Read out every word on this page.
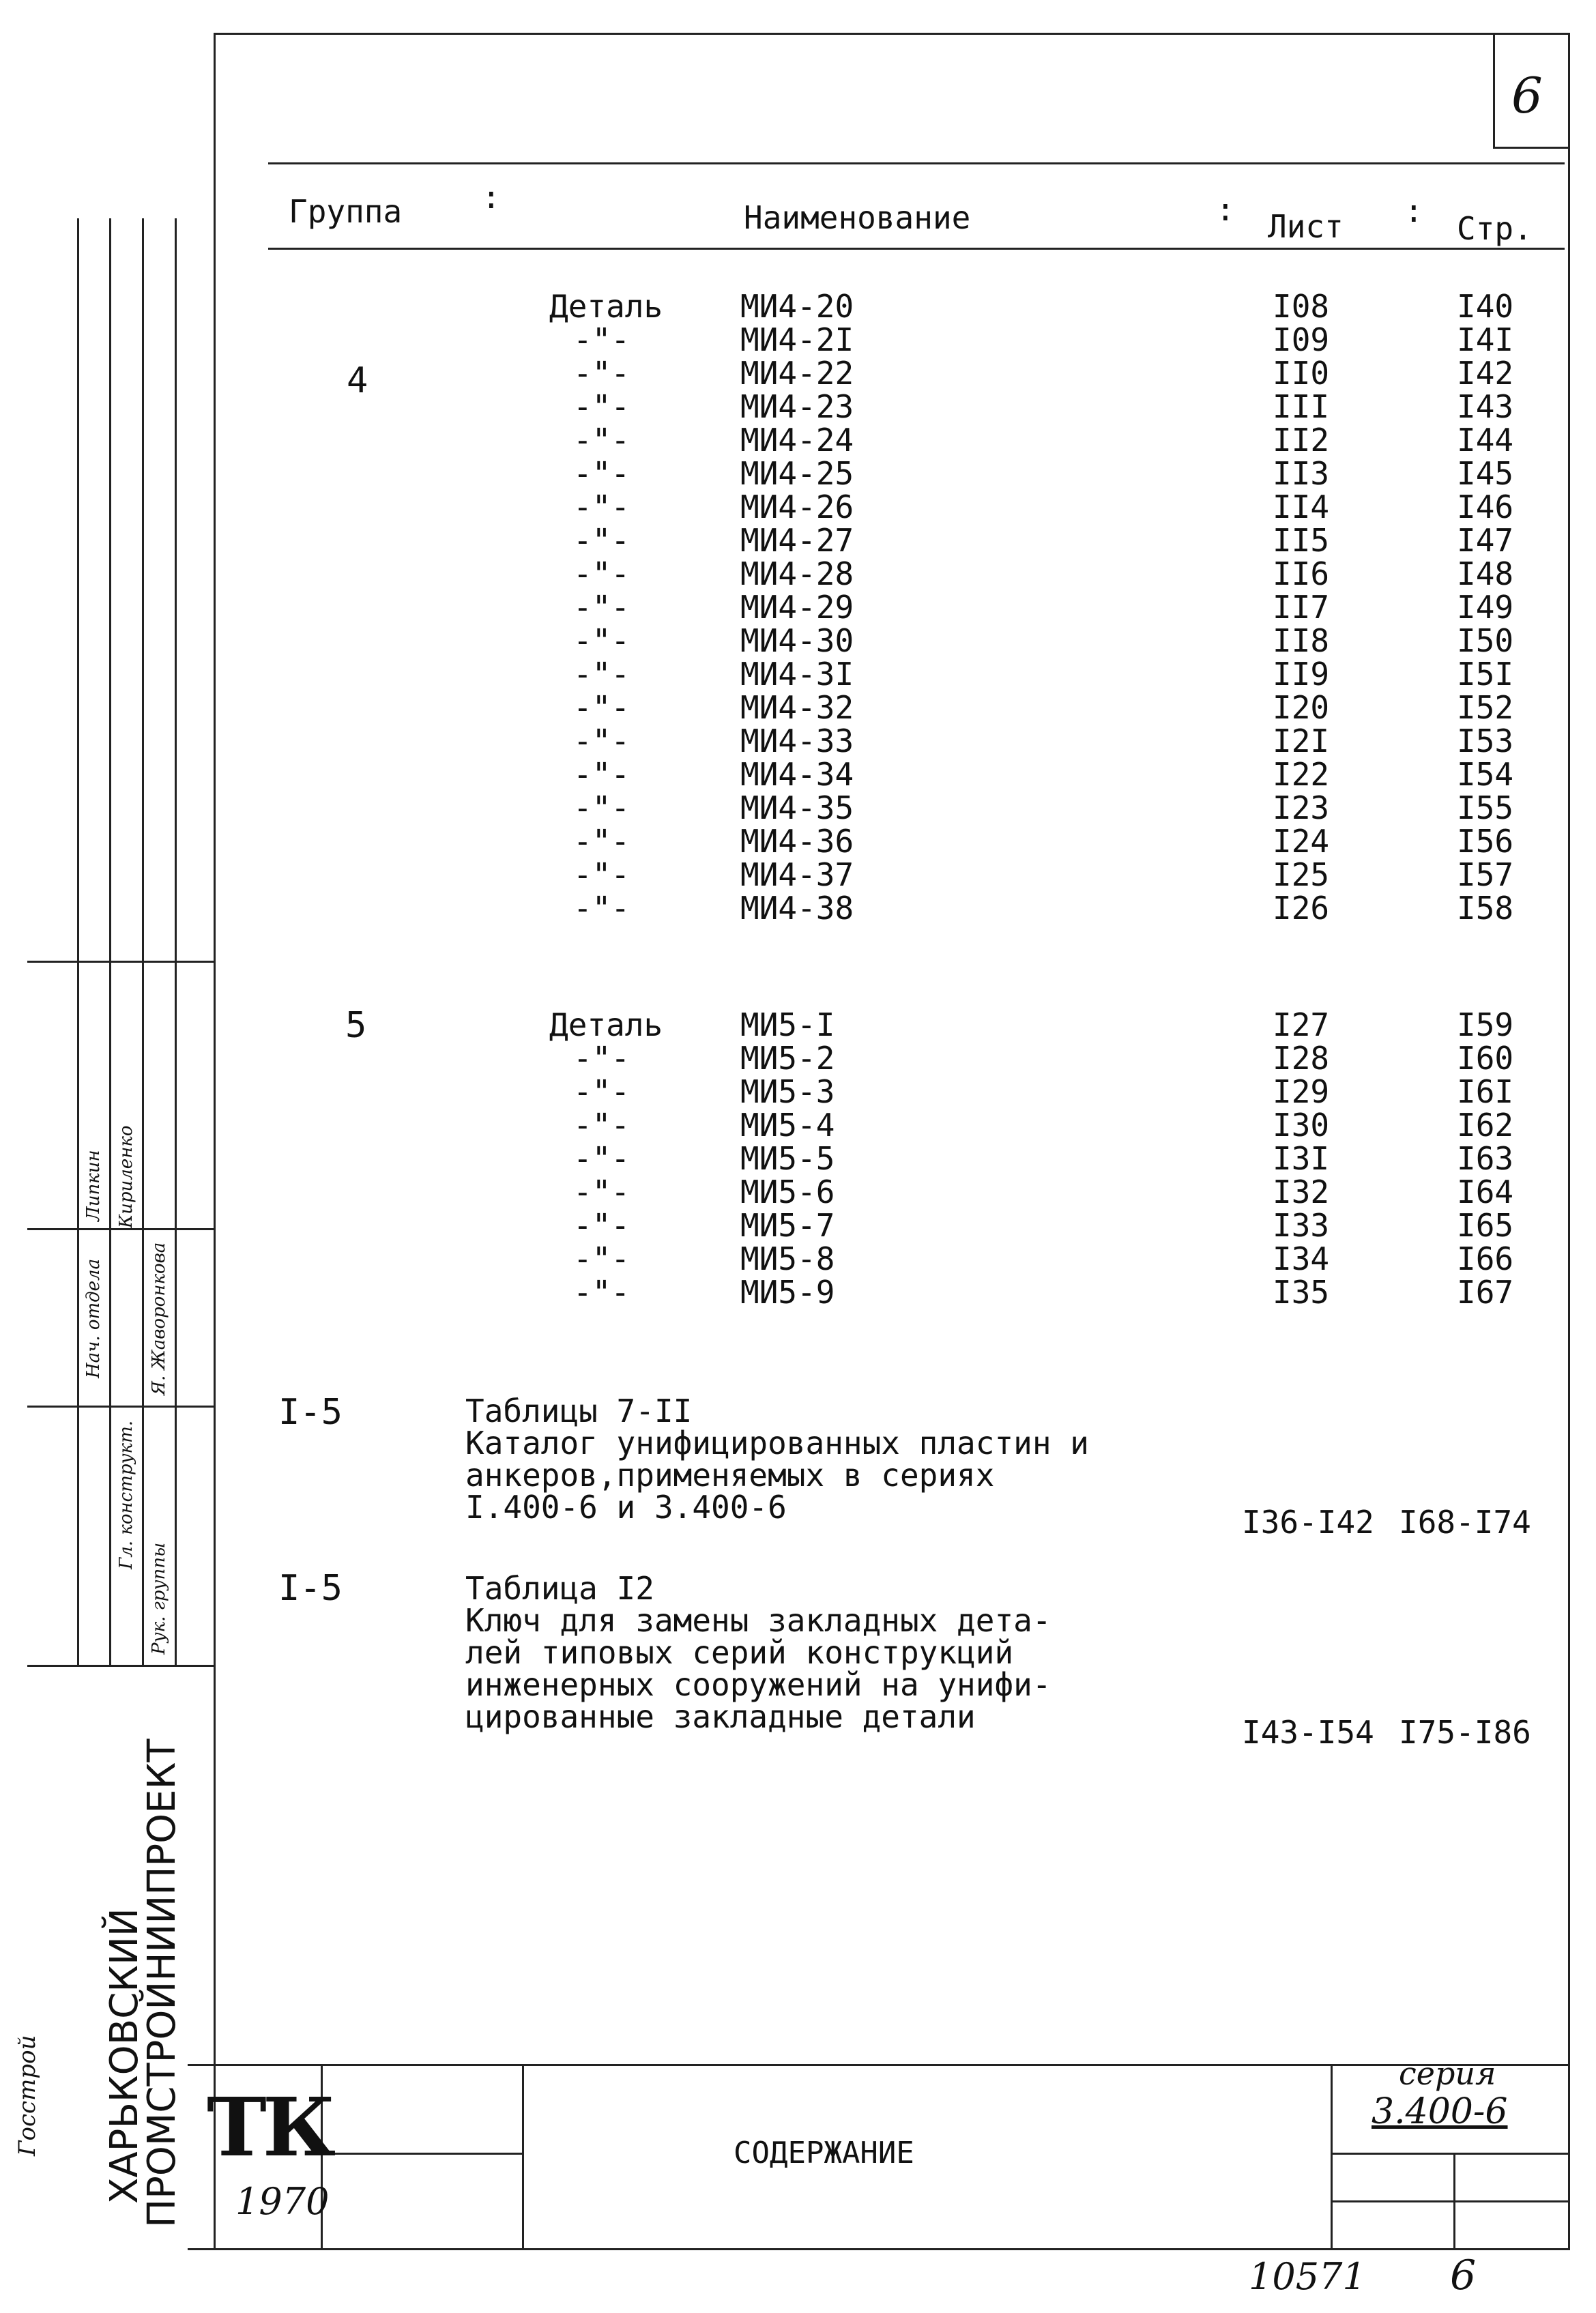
6
Группа	:
Наименование	: Лист : Стр.
4
Деталь МИ4-20	I08	I40
-"-	МИ4-2I	I09	I4I
-"-	МИ4-22	II0	I42
-"-	МИ4-23	III	I43
-"-	МИ4-24	II2	I44
-"-	МИ4-25	II3	I45
-"-	МИ4-26	II4	I46
-"-	МИ4-27	II5	I47
-"-	МИ4-28	II6	I48
-"-	МИ4-29	II7	I49
-"-	МИ4-30	II8	I50
-"-	МИ4-3I	II9	I5I
-"-	МИ4-32	I20	I52
-"-	МИ4-33	I2I	I53
-"-	МИ4-34	I22	I54
-"-	МИ4-35	I23	I55
-"-	МИ4-36	I24	I56
-"-	МИ4-37	I25	I57
-"-	МИ4-38	I26	I58
5	Деталь МИ5-I	I27	I59
-"-	МИ5-2	I28	I60
-"-	МИ5-3	I29	I6I
-"-	МИ5-4	I30	I62
-"-	МИ5-5	I3I	I63
-"-	МИ5-6	I32	I64
-"-	МИ5-7	I33	I65
-"-	МИ5-8	I34	I66
-"-	МИ5-9	I35	I67
I-5	Таблицы 7-II
Каталог унифицированных пластин и
анкеров,применяемых в сериях
I.400-6 и 3.400-6	I36-I42 I68-I74
I-5	Таблица I2
Ключ для замены закладных дета-
лей типовых серий конструкций
инженерных сооружений на унифи-
цированные закладные детали	I43-I54 I75-I86
ТК
1970
СОДЕРЖАНИЕ
серия
3.400-6
Нач. отдела
Гл. конструкт.
Рук. группы
Липкин Кириленко
Я. Жаворонкова
ХАРЬКОВСКИЙ
ПРОМСТРОЙНИИПРОЕКТ
Госстрой
10571 6
